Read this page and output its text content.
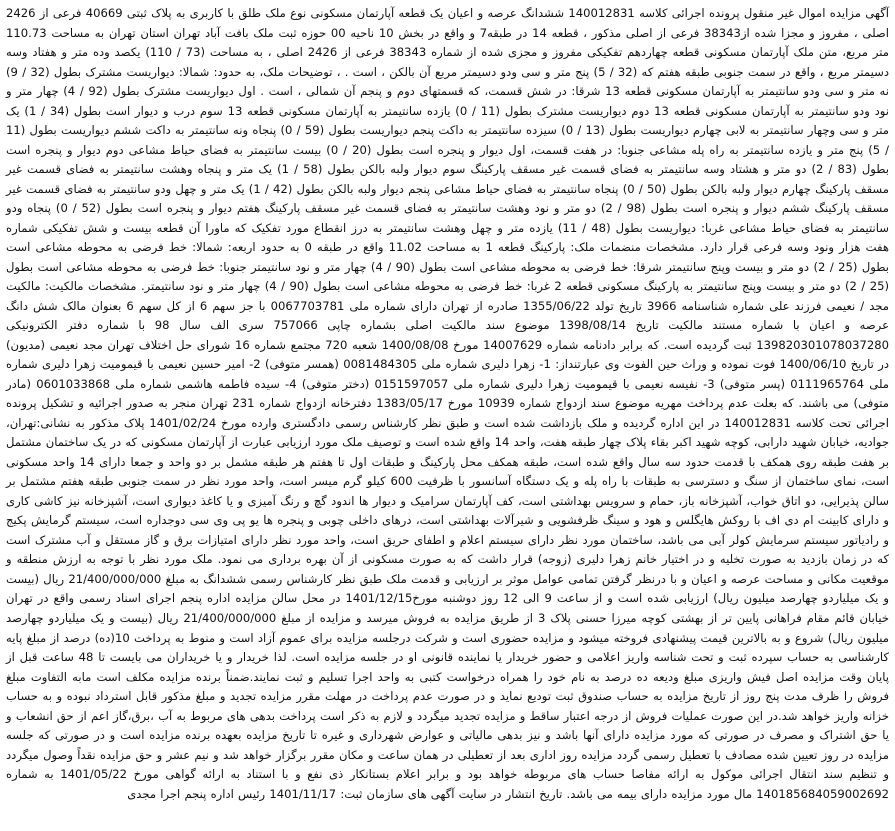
آگهی مزایده اموال غیر منقول پرونده اجرائی کلاسه 140012831 ششدانگ عرصه و اعیان یک قطعه آپارتمان مسکونی نوع ملک طلق با کاربری به پلاک ثبتی 40669 فرعی از 2426 اصلی ، مفروز و مجزا شده از38343 فرعی از اصلی مذکور ، قطعه 14 در طبقه7 و واقع در بخش 10 ناحیه 00 حوزه ثبت ملک بافت آباد تهران استان تهران به مساحت 110.73 متر مربع، متن ملک آپارتمان مسکونی قطعه چهاردهم تفکیکی مفروز و مجزی شده از شماره 38343 فرعی از 2426 اصلی ، به مساحت (73 / 110) یکصد وده متر و هفتاد وسه دسیمتر مربع ، واقع در سمت جنوبی طبقه هفتم که (32 / 5) پنج متر و سی ودو دسیمتر مربع آن بالکن ، است . ، توضیحات ملک، به حدود: شمالا: دیواریست مشترک بطول (32 / 9) نه متر و سی ودو سانتیمتر به آپارتمان مسکونی قطعه 13 شرقا: در شش قسمت، که قسمتهای دوم و پنجم آن شمالی ، است . اول دیواریست مشترک بطول (92 / 4) چهار متر و نود ودو سانتیمتر به آپارتمان مسکونی قطعه 13 دوم دیواریست مشترک بطول (11 / 0) یازده سانتیمتر به آپارتمان مسکونی قطعه 13 سوم درب و دیوار است بطول (34 / 1) یک متر و سی وچهار سانتیمتر به لابی چهارم دیواریست بطول (13 / 0) سیزده سانتیمتر به داکت پنجم دیواریست بطول (59 / 0) پنجاه ونه سانتیمتر به داکت ششم دیواریست بطول (11 / 5) پنج متر و یازده سانتیمتر به راه پله مشاعی جنوبا: در هفت قسمت، اول دیوار و پنجره است بطول (20 / 0) بیست سانتیمتر به فضای حیاط مشاعی دوم دیوار و پنجره است بطول (83 / 2) دو متر و هشتاد وسه سانتیمتر به فضای قسمت غیر مسقف پارکینگ سوم دیوار ولبه بالکن بطول (58 / 1) یک متر و پنجاه وهشت سانتیمتر به فضای قسمت غیر مسقف پارکینگ چهارم دیوار ولبه بالکن بطول (50 / 0) پنجاه سانتیمتر به فضای حیاط مشاعی پنجم دیوار ولبه بالکن بطول (42 / 1) یک متر و چهل ودو سانتیمتر به فضای قسمت غیر مسقف پارکینگ ششم دیوار و پنجره است بطول (98 / 2) دو متر و نود وهشت سانتیمتر به فضای قسمت غیر مسقف پارکینگ هفتم دیوار و پنجره است بطول (52 / 0) پنجاه ودو سانتیمتر به فضای حیاط مشاعی غربا: دیواریست بطول (48 / 11) یازده متر و چهل وهشت سانتیمتر به درز انقطاع مورد تفکیک که ماورا آن قطعه بیست و شش تفکیکی شماره هفت هزار ونود وسه فرعی قرار دارد. مشخصات منضمات ملک: پارکینگ قطعه 1 به مساحت 11.02 واقع در طبقه 0 به حدود اربعه: شمالا: خط فرضی به محوطه مشاعی است بطول (25 / 2) دو متر و بیست وپنج سانتیمتر شرقا: خط فرضی به محوطه مشاعی است بطول (90 / 4) چهار متر و نود سانتیمتر جنوبا: خط فرضی به محوطه مشاعی است بطول (25 / 2) دو متر و بیست وپنج سانتیمتر به پارکینگ مسکونی قطعه 2 غربا: خط فرضی به محوطه مشاعی است بطول (90 / 4) چهار متر و نود سانتیمتر. مشخصات مالکیت: مالکیت مجد / نعیمی فرزند علی شماره شناسنامه 3966 تاریخ تولد 1355/06/22 صادره از تهران دارای شماره ملی 0067703781 با جز سهم 6 از کل سهم 6 بعنوان مالک شش دانگ عرصه و اعیان با شماره مستند مالکیت تاریخ 1398/08/14 موضوع سند مالکیت اصلی بشماره چاپی 757066 سری الف سال 98 با شماره دفتر الکترونیکی 139820301078037280 ثبت گردیده است. که برابر دادنامه شماره 14007629 مورخ 1400/08/08 شعبه 720 مجتمع شماره 16 شورای حل اختلاف تهران مجد نعیمی (مدیون) در تاریخ 1400/06/10 فوت نموده و وراث حین الفوت وی عبارتنداز: 1- زهرا دلیری شماره ملی 0081484305 (همسر متوفی) 2- امیر حسین نعیمی با قیمومیت زهرا دلیری شماره ملی 0111965764 (پسر متوفی) 3- نفیسه نعیمی با قیمومیت زهرا دلیری شماره ملی 0151597057 (دختر متوفی) 4- سیده فاطمه هاشمی شماره ملی 0601033868 (مادر متوفی) می باشند. که بعلت عدم پرداخت مهریه موضوع سند ازدواج شماره 10939 مورخ 1383/05/17 دفترخانه ازدواج شماره 231 تهران منجر به صدور اجرائیه و تشکیل پرونده اجرائی تحت کلاسه 140012831 در این اداره گردیده و ملک بازداشت شده است و طبق نظر کارشناس رسمی دادگستری وارده مورخ 1401/02/24 پلاک مذکور به نشانی:تهران، جوادیه، خیابان شهید دارابی، کوچه شهید اکبر بقاء پلاک چهار طبقه هفت، واحد 14 واقع شده است و توصیف ملک مورد ارزیابی عبارت از آپارتمان مسکونی که در یک ساختمان مشتمل بر هفت طبقه روی همکف با قدمت حدود سه سال واقع شده است، طبقه همکف محل پارکینگ و طبقات اول تا هفتم هر طبقه مشمل بر دو واحد و جمعا دارای 14 واحد مسکونی است، نمای ساختمان از سنگ و دسترسی به طبقات با راه پله و یک دستگاه آسانسور با ظرفیت 600 کیلو گرم میسر است، واحد مورد نظر در سمت جنوبی طبقه هفتم مشتمل بر سالن پذیرایی، دو اتاق خواب، آشپزخانه باز، حمام و سرویس بهداشتی است، کف آپارتمان سرامیک و دیوار ها اندود گچ و رنگ آمیزی و یا کاغذ دیواری است، آشپزخانه نیز کاشی کاری و دارای کابینت ام دی اف با روکش هایگلس و هود و سینگ ظرفشویی و شیرآلات بهداشتی است، درهای داخلی چوبی و پنجره ها یو پی وی سی دوجداره است، سیستم گرمایش پکیج و رادیاتور سیستم سرمایش کولر آبی می باشد، ساختمان مورد نظر دارای سیستم اعلام و اطفای حریق است، واحد مورد نظر دارای امتیازات برق و گاز مستقل و آب مشترک است که در زمان بازدید به صورت تخلیه و در اختیار خانم زهرا دلیری (زوجه) قرار داشت که به صورت مسکونی از آن بهره برداری می نمود. ملک مورد نظر با توجه به ارزش منطقه و موقعیت مکانی و مساحت عرصه و اعیان و با درنظر گرفتن تمامی عوامل موثر بر ارزیابی و قدمت ملک طبق نظر کارشناس رسمی ششدانگ به مبلغ 21/400/000/000 ریال (بیست و یک میلیاردو چهارصد میلیون ریال) ارزیابی شده است و از ساعت 9 الی 12 روز دوشنبه مورخ1401/12/15 در محل سالن مزایده اداره پنجم اجرای اسناد رسمی واقع در تهران خیابان قائم مقام فراهانی پایین تر از بهشتی کوچه میرزا حسنی پلاک 3 از طریق مزایده به فروش میرسد و مزایده از مبلغ 21/400/000/000 ریال (بیست و یک میلیاردو چهارصد میلیون ریال) شروع و به بالاترین قیمت پیشنهادی فروخته میشود و مزایده حضوری است و شرکت درجلسه مزایده برای عموم آزاد است و منوط به پرداخت 10(ده) درصد از مبلغ پایه کارشناسی به حساب سپرده ثبت و تحت شناسه واریز اعلامی و حضور خریدار یا نماینده قانونی او در جلسه مزایده است. لذا خریدار و یا خریداران می بایست تا 48 ساعت قبل از پایان وقت مزایده اصل فیش واریزی مبلغ ودیعه ده درصد به نام خود را همراه درخواست کتبی به واحد اجرا تسلیم و ثبت نمایند.ضمناً برنده مزایده مکلف است مابه التفاوت مبلغ فروش را ظرف مدت پنج روز از تاریخ مزایده به حساب صندوق ثبت تودیع نماید و در صورت عدم پرداخت در مهلت مقرر مزایده تجدید و مبلغ مذکور قابل استرداد نبوده و به حساب خزانه واریز خواهد شد.در این صورت عملیات فروش از درجه اعتبار ساقط و مزایده تجدید میگردد و لازم به ذکر است پرداخت بدهی های مربوط به آب ،برق،گاز اعم از حق انشعاب و یا حق اشتراک و مصرف در صورتی که مورد مزایده دارای آنها باشد و نیز بدهی مالیاتی و عوارض شهرداری و غیره تا تاریخ مزایده بعهده برنده مزایده است و در صورتی که جلسه مزایده در روز تعیین شده مصادف با تعطیل رسمی گردد مزایده روز اداری بعد از تعطیلی در همان ساعت و مکان مقرر برگزار خواهد شد و نیم عشر و حق مزایده نقداً وصول میگردد و تنظیم سند انتقال اجرائی موکول به ارائه مفاصا حساب های مربوطه خواهد بود و برابر اعلام بستانکار ذی نفع و با استناد به ارائه گواهی مورخ 1401/05/22 به شماره 140185684059002692 مال مورد مزایده دارای بیمه می باشد. تاریخ انتشار در سایت آگهی های سازمان ثبت: 1401/11/17 رئیس اداره پنجم اجرا مجدی
